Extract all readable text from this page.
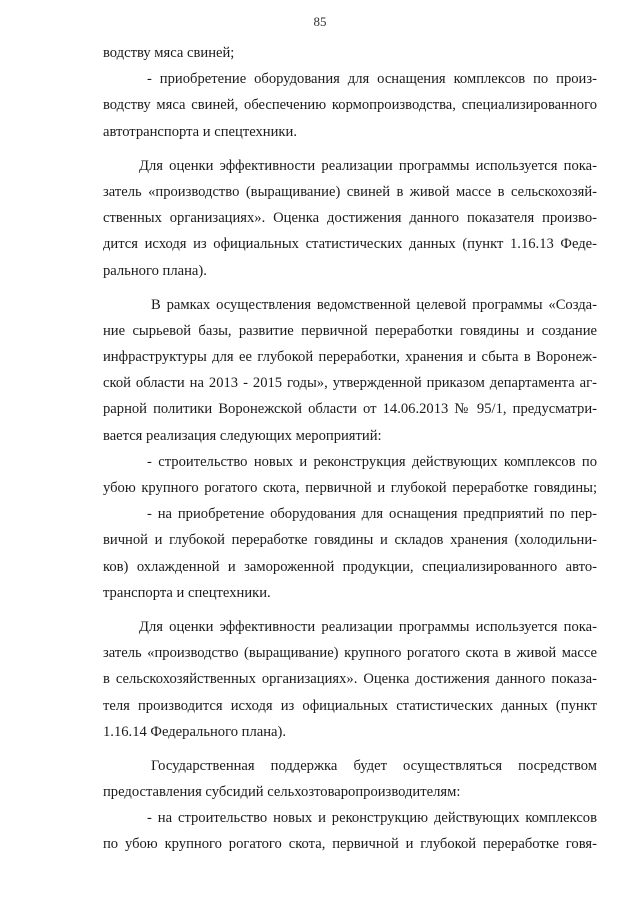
85
водству мяса свиней;
- приобретение оборудования для оснащения комплексов по произ-
водству мяса свиней, обеспечению кормопроизводства, специализированного
автотранспорта и спецтехники.
Для оценки эффективности реализации программы используется пока-
затель «производство (выращивание) свиней в живой массе в сельскохозяй-
ственных организациях». Оценка достижения данного показателя произво-
дится исходя из официальных статистических данных (пункт 1.16.13 Феде-
рального плана).
В рамках осуществления ведомственной целевой программы «Созда-
ние сырьевой базы, развитие первичной переработки говядины и создание
инфраструктуры для ее глубокой переработки, хранения и сбыта в Воронеж-
ской области на 2013 - 2015 годы», утвержденной приказом департамента аг-
рарной политики Воронежской области от 14.06.2013 № 95/1, предусматри-
вается реализация следующих мероприятий:
- строительство новых и реконструкция действующих комплексов по
убою крупного рогатого скота, первичной и глубокой переработке говядины;
- на приобретение оборудования для оснащения предприятий по пер-
вичной и глубокой переработке говядины и складов хранения (холодильни-
ков) охлажденной и замороженной продукции, специализированного авто-
транспорта и спецтехники.
Для оценки эффективности реализации программы используется пока-
затель «производство (выращивание) крупного рогатого скота в живой массе
в сельскохозяйственных организациях». Оценка достижения данного показа-
теля производится исходя из официальных статистических данных (пункт
1.16.14 Федерального плана).
Государственная поддержка будет осуществляться посредством
предоставления субсидий сельхозтоваропроизводителям:
- на строительство новых и реконструкцию действующих комплексов
по убою крупного рогатого скота, первичной и глубокой переработке говя-
